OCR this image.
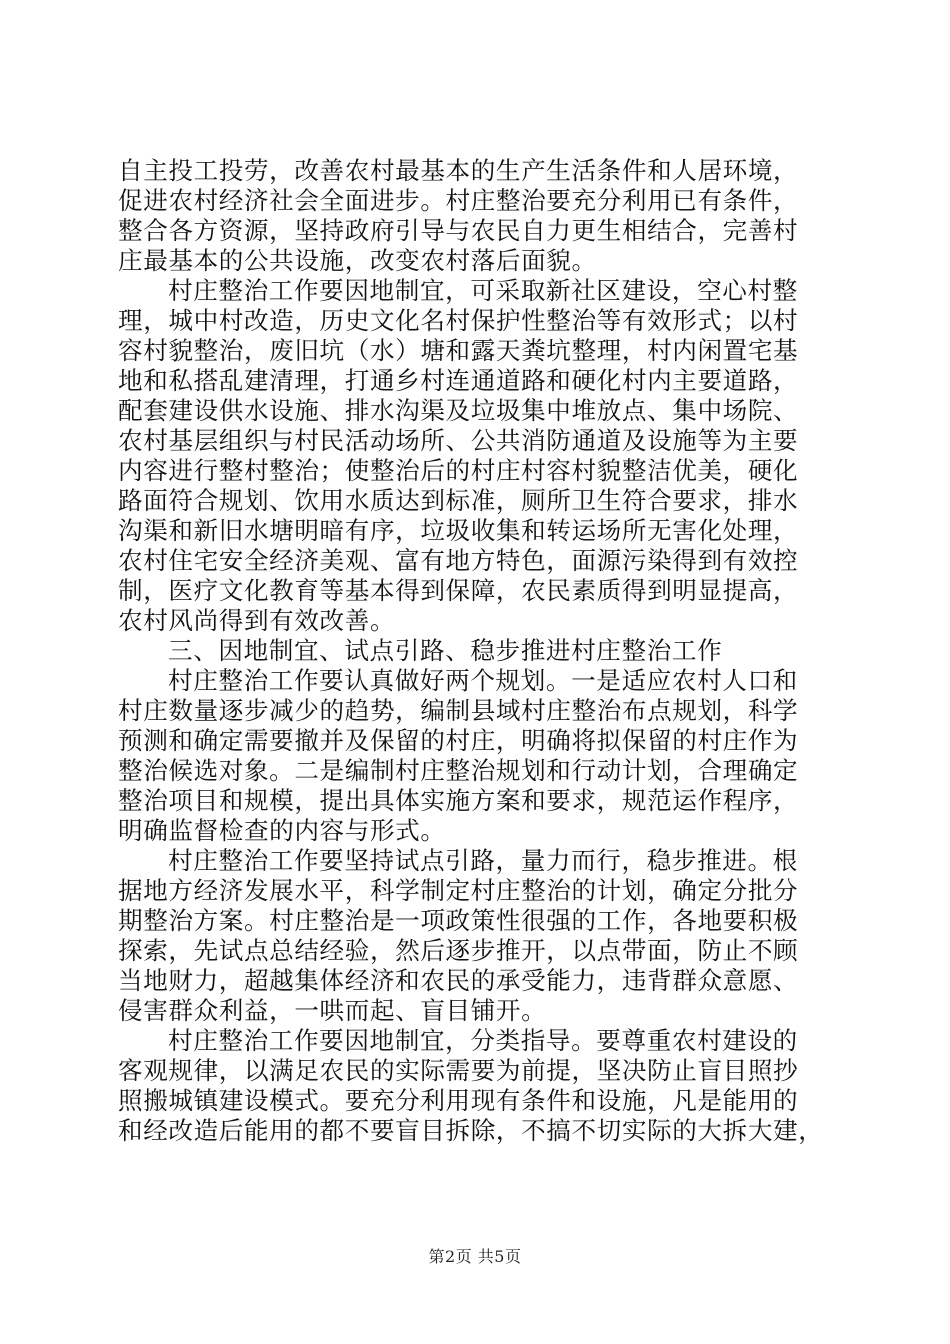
自主投工投劳，改善农村最基本的生产生活条件和人居环境，
促进农村经济社会全面进步。村庄整治要充分利用已有条件，
整合各方资源，坚持政府引导与农民自力更生相结合，完善村
庄最基本的公共设施，改变农村落后面貌。
村庄整治工作要因地制宜，可采取新社区建设，空心村整
理，城中村改造，历史文化名村保护性整治等有效形式；以村
容村貌整治，废旧坑（水）塘和露天粪坑整理，村内闲置宅基
地和私搭乱建清理，打通乡村连通道路和硬化村内主要道路，
配套建设供水设施、排水沟渠及垃圾集中堆放点、集中场院、
农村基层组织与村民活动场所、公共消防通道及设施等为主要
内容进行整村整治；使整治后的村庄村容村貌整洁优美，硬化
路面符合规划、饮用水质达到标准，厕所卫生符合要求，排水
沟渠和新旧水塘明暗有序，垃圾收集和转运场所无害化处理，
农村住宅安全经济美观、富有地方特色，面源污染得到有效控
制，医疗文化教育等基本得到保障，农民素质得到明显提高，
农村风尚得到有效改善。
三、因地制宜、试点引路、稳步推进村庄整治工作
村庄整治工作要认真做好两个规划。一是适应农村人口和
村庄数量逐步减少的趋势，编制县域村庄整治布点规划，科学
预测和确定需要撤并及保留的村庄，明确将拟保留的村庄作为
整治候选对象。二是编制村庄整治规划和行动计划，合理确定
整治项目和规模，提出具体实施方案和要求，规范运作程序，
明确监督检查的内容与形式。
村庄整治工作要坚持试点引路，量力而行，稳步推进。根
据地方经济发展水平，科学制定村庄整治的计划，确定分批分
期整治方案。村庄整治是一项政策性很强的工作，各地要积极
探索，先试点总结经验，然后逐步推开，以点带面，防止不顾
当地财力，超越集体经济和农民的承受能力，违背群众意愿、
侵害群众利益，一哄而起、盲目铺开。
村庄整治工作要因地制宜，分类指导。要尊重农村建设的
客观规律，以满足农民的实际需要为前提，坚决防止盲目照抄
照搬城镇建设模式。要充分利用现有条件和设施，凡是能用的
和经改造后能用的都不要盲目拆除，不搞不切实际的大拆大建，
第2页 共5页
